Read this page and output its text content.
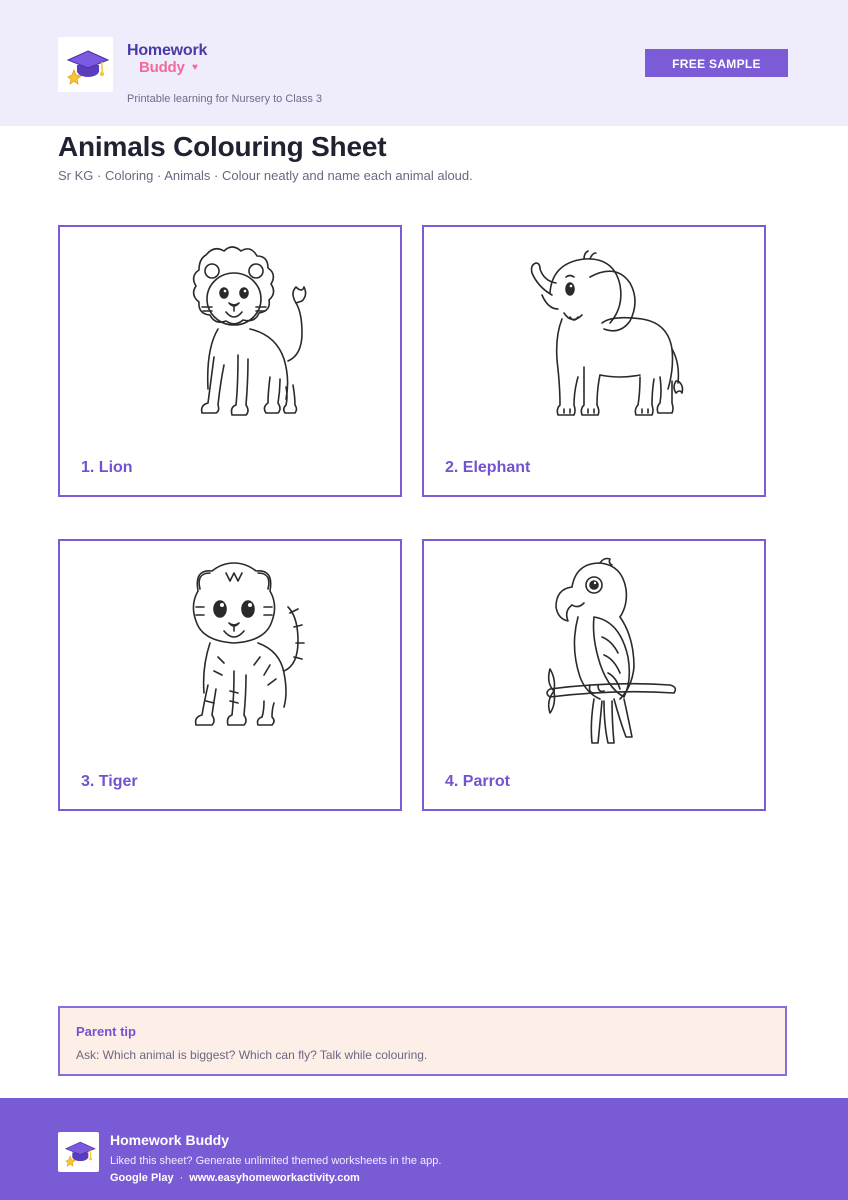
Homework
Buddy ♥
Printable learning for Nursery to Class 3
FREE SAMPLE
Animals Colouring Sheet
Sr KG · Coloring · Animals · Colour neatly and name each animal aloud.
1. Lion	2. Elephant
3. Tiger	4. Parrot
Parent tip
Ask: Which animal is biggest? Which can fly? Talk while colouring.
Homework Buddy
Liked this sheet? Generate unlimited themed worksheets in the app.
Google Play · www.easyhomeworkactivity.com
